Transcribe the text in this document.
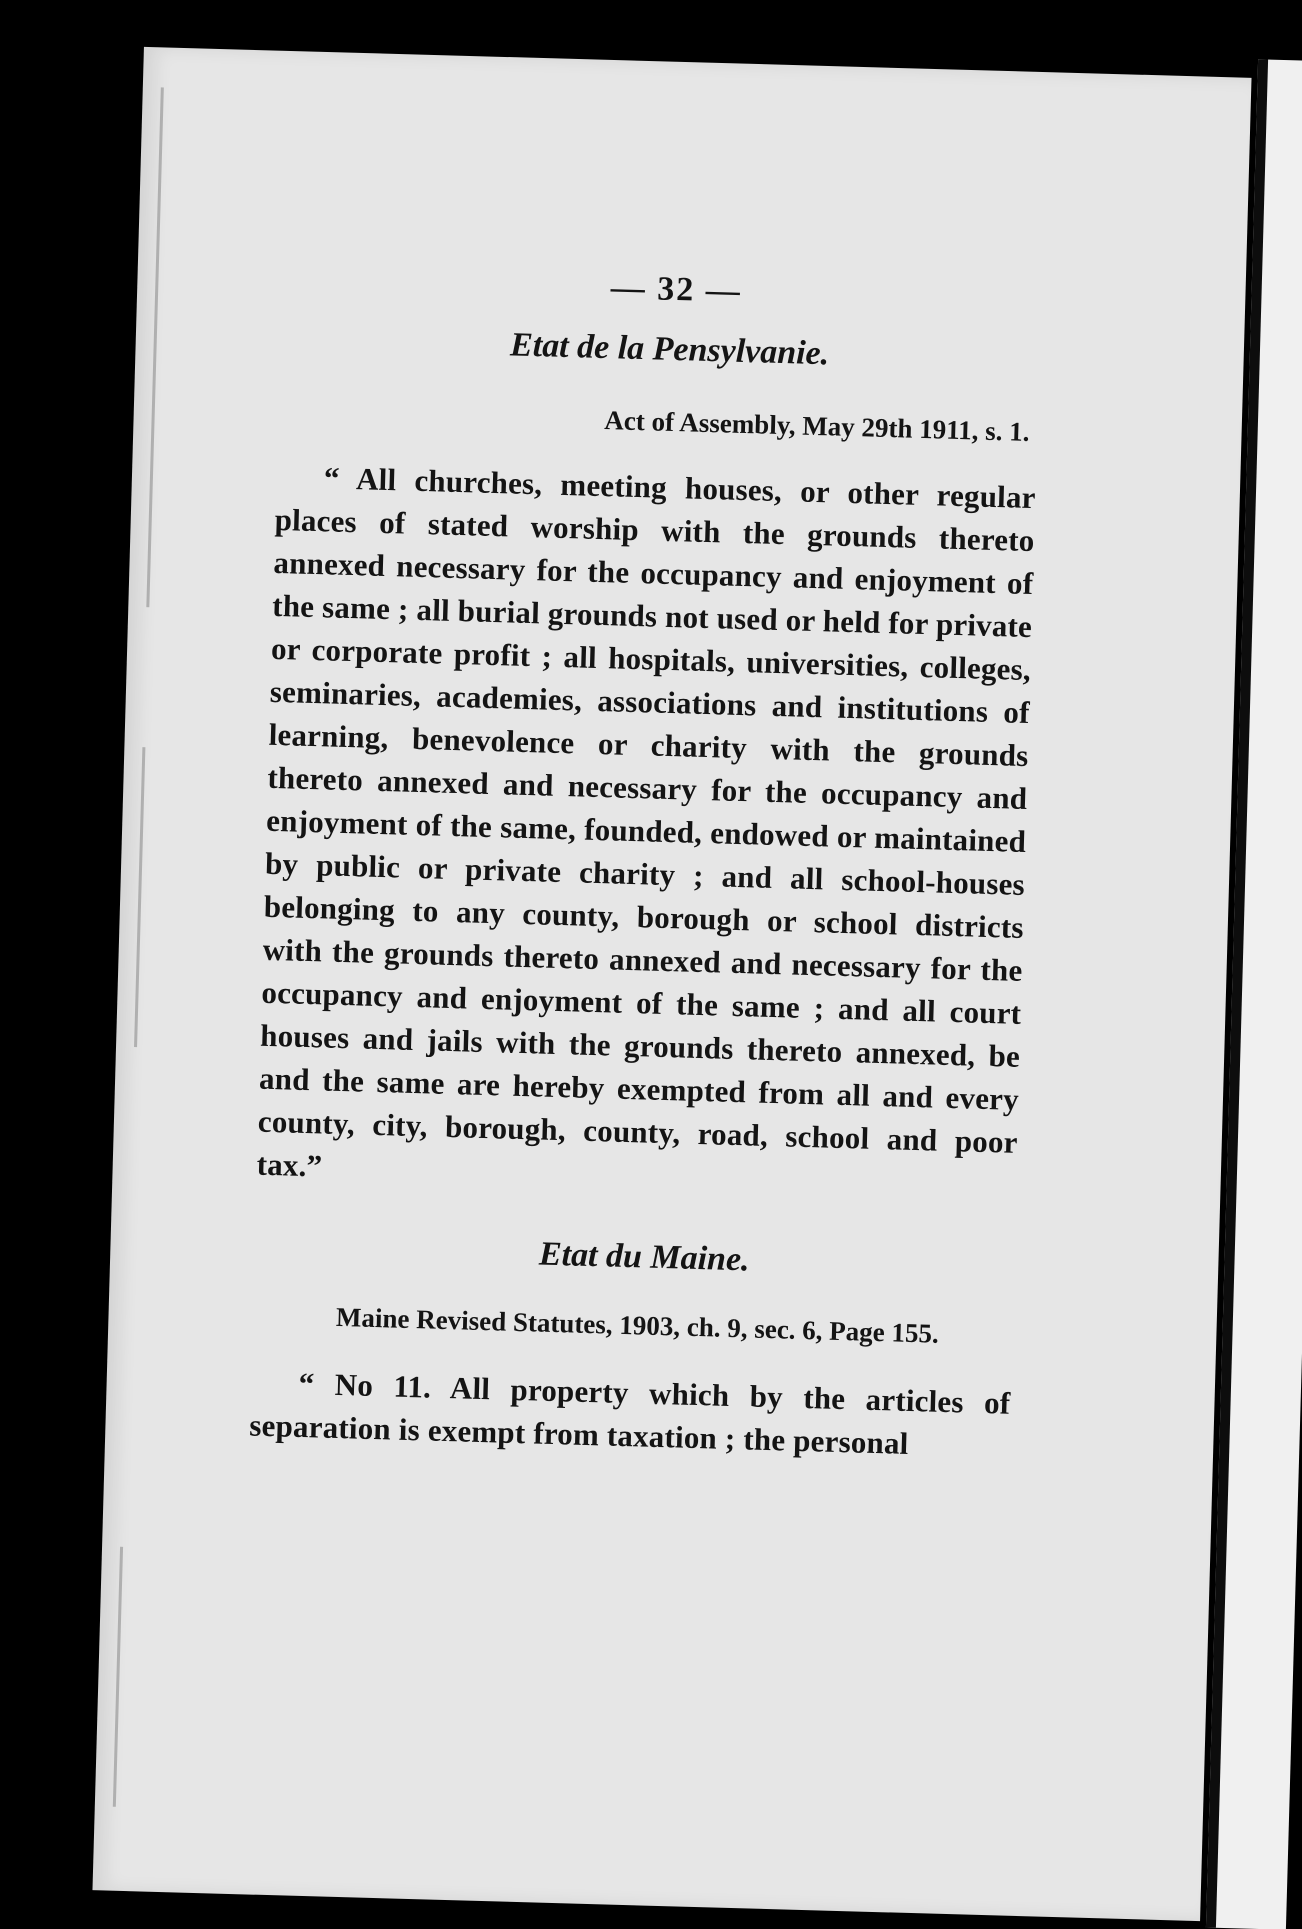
— 32 —
Etat de la Pensylvanie.
Act of Assembly, May 29th 1911, s. 1.

“ All churches, meeting houses, or other regular places of stated worship with the grounds thereto annexed necessary for the occupancy and enjoyment of the same ; all burial grounds not used or held for private or corporate profit ; all hospitals, universities, colleges, seminaries, academies, associations and institutions of learning, benevolence or charity with the grounds thereto annexed and necessary for the occupancy and enjoyment of the same, founded, endowed or maintained by public or private charity ; and all school-houses belonging to any county, borough or school districts with the grounds thereto annexed and necessary for the occupancy and enjoyment of the same ; and all court houses and jails with the grounds thereto annexed, be and the same are hereby exempted from all and every county, city, borough, county, road, school and poor tax.”

Etat du Maine.
Maine Revised Statutes, 1903, ch. 9, sec. 6, Page 155.

“ No 11. All property which by the articles of separation is exempt from taxation ; the personal
